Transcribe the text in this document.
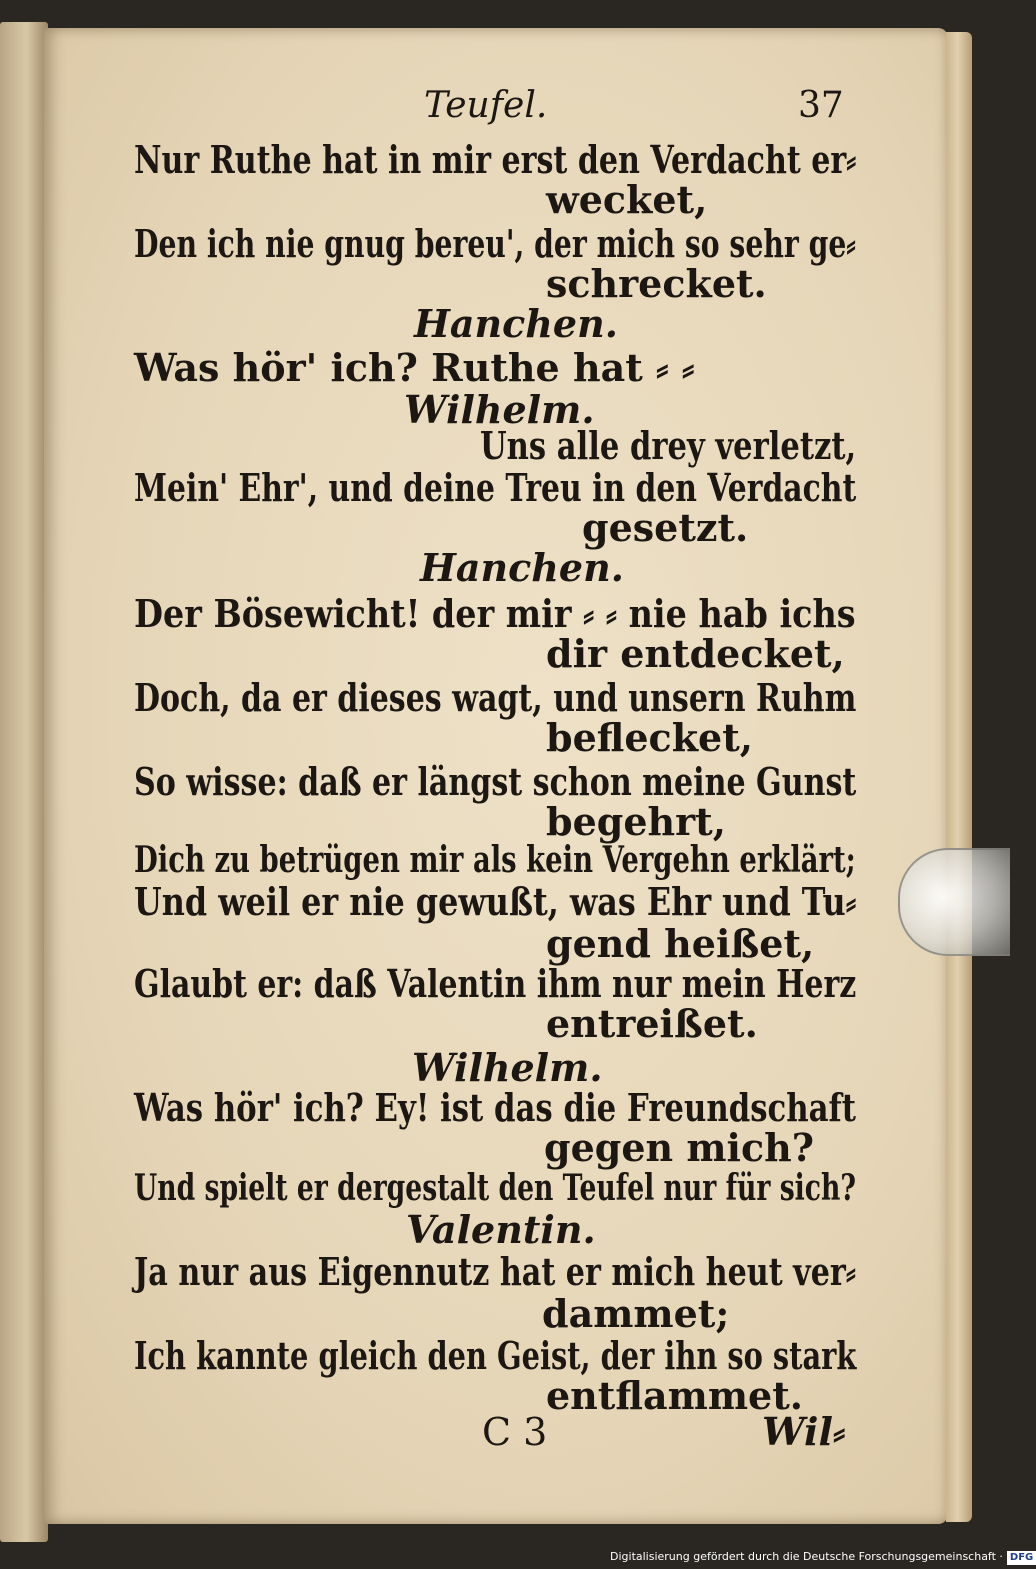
Teufel.	37
Nur Ruthe hat in mir erst den Verdacht er⸗
wecket,
Den ich nie gnug bereu', der mich so sehr ge⸗
schrecket.
Hanchen.
Was hör' ich? Ruthe hat ⸗ ⸗
Wilhelm.
Uns alle drey verletzt,
Mein' Ehr', und deine Treu in den Verdacht
gesetzt.
Hanchen.
Der Bösewicht! der mir ⸗ ⸗ nie hab ichs
dir entdecket,
Doch, da er dieses wagt, und unsern Ruhm
beflecket,
So wisse: daß er längst schon meine Gunst
begehrt,
Dich zu betrügen mir als kein Vergehn erklärt;
Und weil er nie gewußt, was Ehr und Tu⸗
gend heißet,
Glaubt er: daß Valentin ihm nur mein Herz
entreißet.
Wilhelm.
Was hör' ich? Ey! ist das die Freundschaft
gegen mich?
Und spielt er dergestalt den Teufel nur für sich?
Valentin.
Ja nur aus Eigennutz hat er mich heut ver⸗
dammet;
Ich kannte gleich den Geist, der ihn so stark
entflammet.
C 3	Wil⸗
Digitalisierung gefördert durch die Deutsche Forschungsgemeinschaft · DFG
